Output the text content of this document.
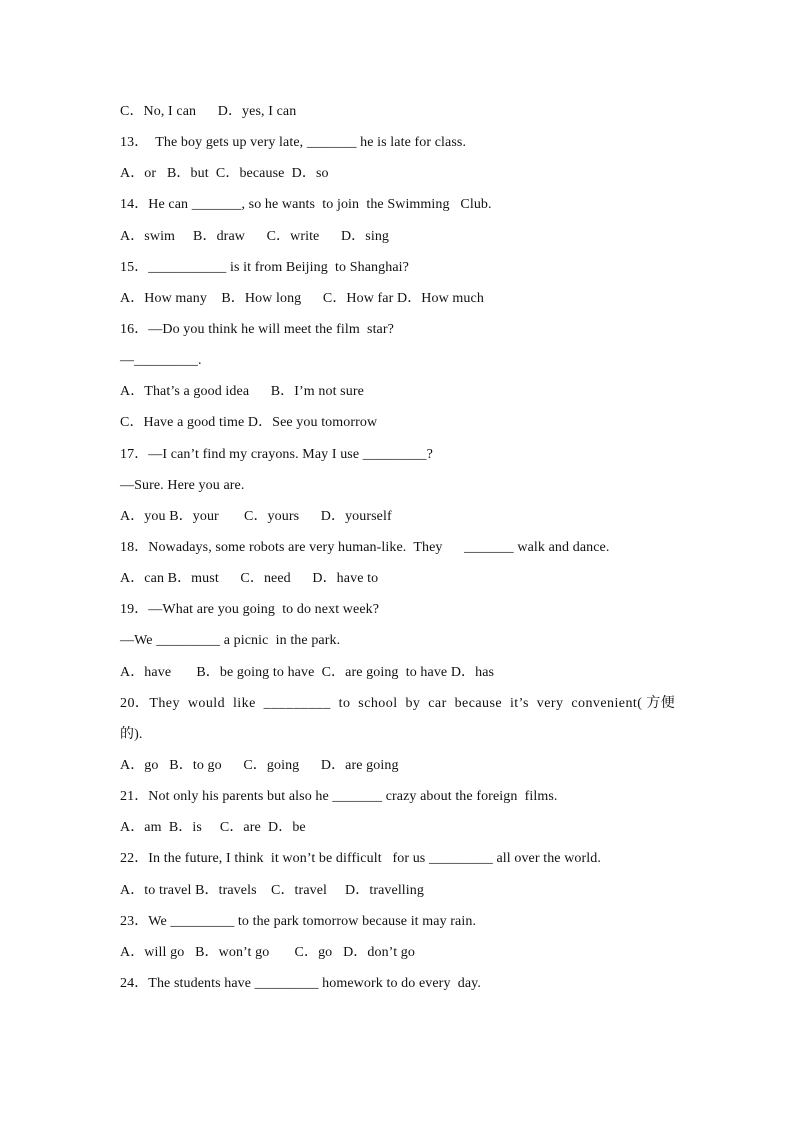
C．No, I can      D．yes, I can
13．  The boy gets up very late, _______ he is late for class.
A．or   B．but  C．because  D．so
14．He can _______, so he wants  to join  the Swimming   Club.
A．swim     B．draw      C．write      D．sing
15．___________ is it from Beijing  to Shanghai?
A．How many    B．How long      C．How far D．How much
16．—Do you think he will meet the film  star?
—_________.
A．That’s a good idea      B．I’m not sure
C．Have a good time D．See you tomorrow
17．—I can’t find my crayons. May I use _________?
—Sure. Here you are.
A．you B．your       C．yours      D．yourself
18．Nowadays, some robots are very human-like.  They      _______ walk and dance.
A．can B．must      C．need      D．have to
19．—What are you going  to do next week?
—We _________ a picnic  in the park.
A．have       B．be going to have  C．are going  to have D．has
20．They  would  like  _________  to  school  by  car  because  it’s  very  convenient( 方便
的).
A．go   B．to go      C．going      D．are going
21．Not only his parents but also he _______ crazy about the foreign  films.
A．am  B．is     C．are  D．be
22．In the future, I think  it won’t be difficult   for us _________ all over the world.
A．to travel B．travels    C．travel     D．travelling
23．We _________ to the park tomorrow because it may rain.
A．will go   B．won’t go       C．go   D．don’t go
24．The students have _________ homework to do every  day.
